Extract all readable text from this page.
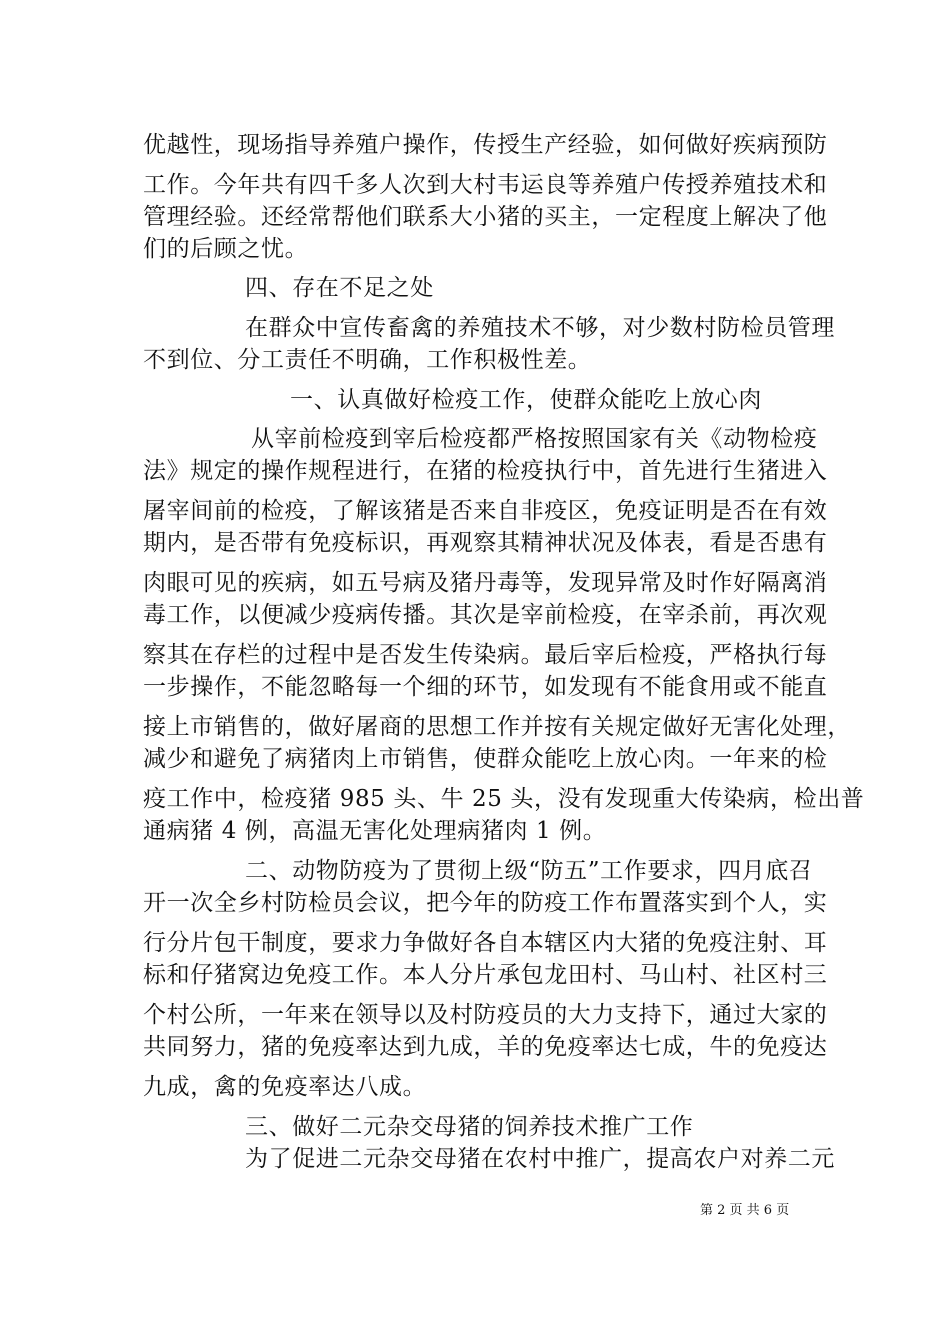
优越性，现场指导养殖户操作，传授生产经验，如何做好疾病预防
工作。今年共有四千多人次到大村韦运良等养殖户传授养殖技术和
管理经验。还经常帮他们联系大小猪的买主，一定程度上解决了他
们的后顾之忧。
四、存在不足之处
在群众中宣传畜禽的养殖技术不够，对少数村防检员管理
不到位、分工责任不明确，工作积极性差。
一、认真做好检疫工作，使群众能吃上放心肉
从宰前检疫到宰后检疫都严格按照国家有关《动物检疫
法》规定的操作规程进行，在猪的检疫执行中，首先进行生猪进入
屠宰间前的检疫，了解该猪是否来自非疫区，免疫证明是否在有效
期内，是否带有免疫标识，再观察其精神状况及体表，看是否患有
肉眼可见的疾病，如五号病及猪丹毒等，发现异常及时作好隔离消
毒工作，以便减少疫病传播。其次是宰前检疫，在宰杀前，再次观
察其在存栏的过程中是否发生传染病。最后宰后检疫，严格执行每
一步操作，不能忽略每一个细的环节，如发现有不能食用或不能直
接上市销售的，做好屠商的思想工作并按有关规定做好无害化处理，
减少和避免了病猪肉上市销售，使群众能吃上放心肉。一年来的检
疫工作中，检疫猪 985 头、牛 25 头，没有发现重大传染病，检出普
通病猪 4 例，高温无害化处理病猪肉 1 例。
二、动物防疫为了贯彻上级“防五”工作要求，四月底召
开一次全乡村防检员会议，把今年的防疫工作布置落实到个人，实
行分片包干制度，要求力争做好各自本辖区内大猪的免疫注射、耳
标和仔猪窝边免疫工作。本人分片承包龙田村、马山村、社区村三
个村公所，一年来在领导以及村防疫员的大力支持下，通过大家的
共同努力，猪的免疫率达到九成，羊的免疫率达七成，牛的免疫达
九成，禽的免疫率达八成。
三、做好二元杂交母猪的饲养技术推广工作
为了促进二元杂交母猪在农村中推广，提高农户对养二元
第 2 页 共 6 页
